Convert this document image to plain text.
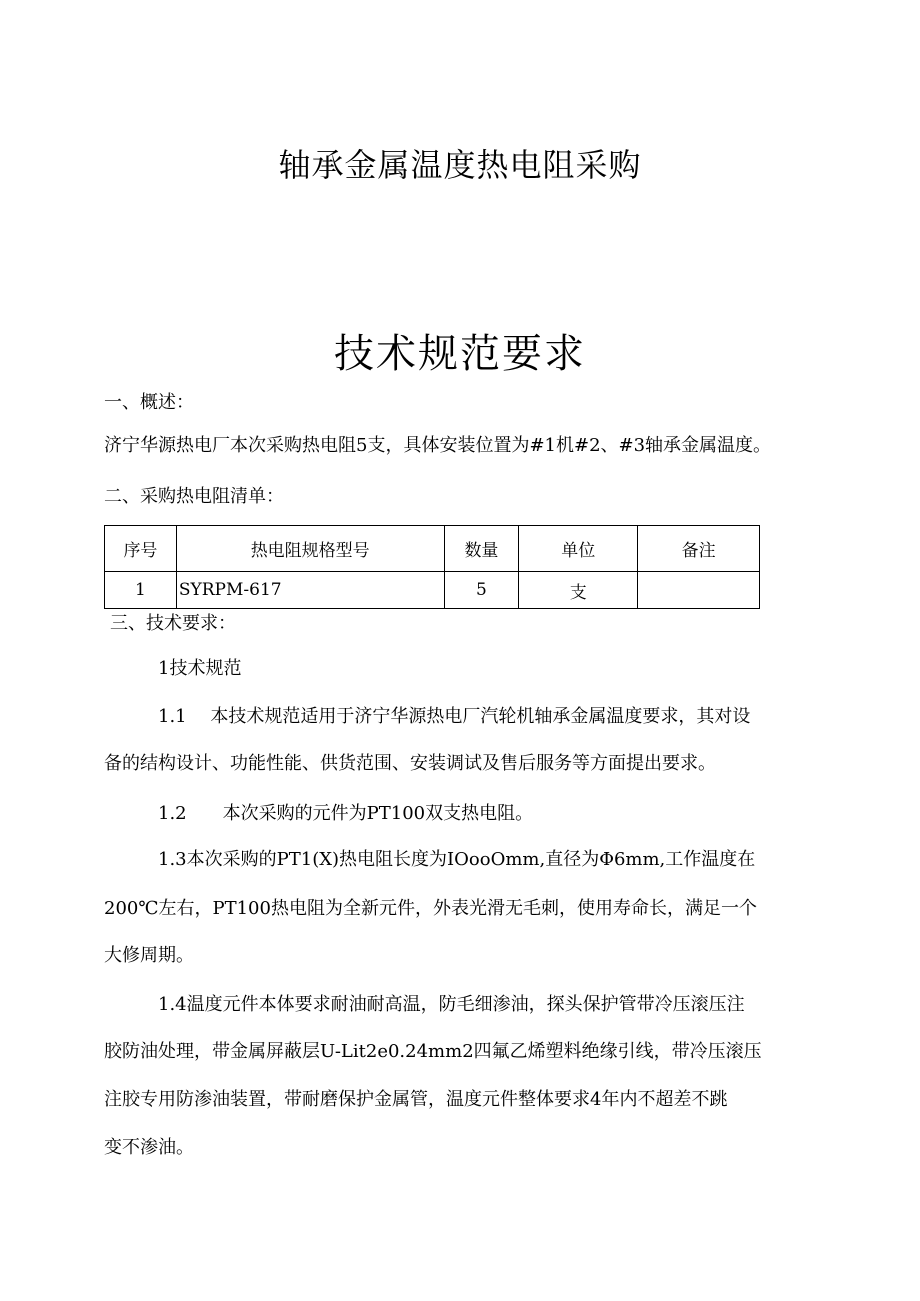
轴承金属温度热电阻采购
技术规范要求
一、概述：
济宁华源热电厂本次采购热电阻5支，具体安装位置为#1机#2、#3轴承金属温度。
二、采购热电阻清单：
序号	热电阻规格型号	数量	单位	备注
1	SYRPM-617	5	支	
三、技术要求：
1技术规范
1.1　 本技术规范适用于济宁华源热电厂汽轮机轴承金属温度要求，其对设
备的结构设计、功能性能、供货范围、安装调试及售后服务等方面提出要求。
1.2　　本次采购的元件为PT100双支热电阻。
1.3本次采购的PT1(X)热电阻长度为IOooOmm,直径为Φ6mm,工作温度在
200℃左右，PT100热电阻为全新元件，外表光滑无毛刺，使用寿命长，满足一个
大修周期。
1.4温度元件本体要求耐油耐高温，防毛细渗油，探头保护管带冷压滚压注
胶防油处理，带金属屏蔽层U-Lit2e0.24mm2四氟乙烯塑料绝缘引线，带冷压滚压
注胶专用防渗油装置，带耐磨保护金属管，温度元件整体要求4年内不超差不跳
变不渗油。
